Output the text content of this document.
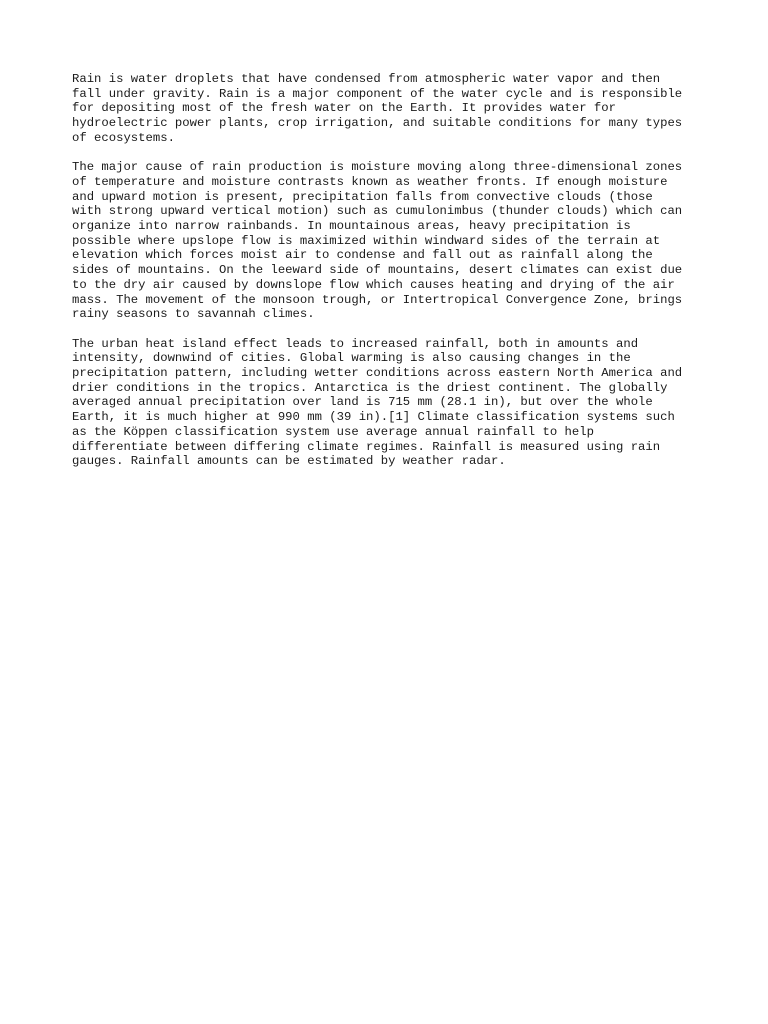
Rain is water droplets that have condensed from atmospheric water vapor and then
fall under gravity. Rain is a major component of the water cycle and is responsible
for depositing most of the fresh water on the Earth. It provides water for
hydroelectric power plants, crop irrigation, and suitable conditions for many types
of ecosystems.

The major cause of rain production is moisture moving along three-dimensional zones
of temperature and moisture contrasts known as weather fronts. If enough moisture
and upward motion is present, precipitation falls from convective clouds (those
with strong upward vertical motion) such as cumulonimbus (thunder clouds) which can
organize into narrow rainbands. In mountainous areas, heavy precipitation is
possible where upslope flow is maximized within windward sides of the terrain at
elevation which forces moist air to condense and fall out as rainfall along the
sides of mountains. On the leeward side of mountains, desert climates can exist due
to the dry air caused by downslope flow which causes heating and drying of the air
mass. The movement of the monsoon trough, or Intertropical Convergence Zone, brings
rainy seasons to savannah climes.

The urban heat island effect leads to increased rainfall, both in amounts and
intensity, downwind of cities. Global warming is also causing changes in the
precipitation pattern, including wetter conditions across eastern North America and
drier conditions in the tropics. Antarctica is the driest continent. The globally
averaged annual precipitation over land is 715 mm (28.1 in), but over the whole
Earth, it is much higher at 990 mm (39 in).[1] Climate classification systems such
as the Köppen classification system use average annual rainfall to help
differentiate between differing climate regimes. Rainfall is measured using rain
gauges. Rainfall amounts can be estimated by weather radar.
